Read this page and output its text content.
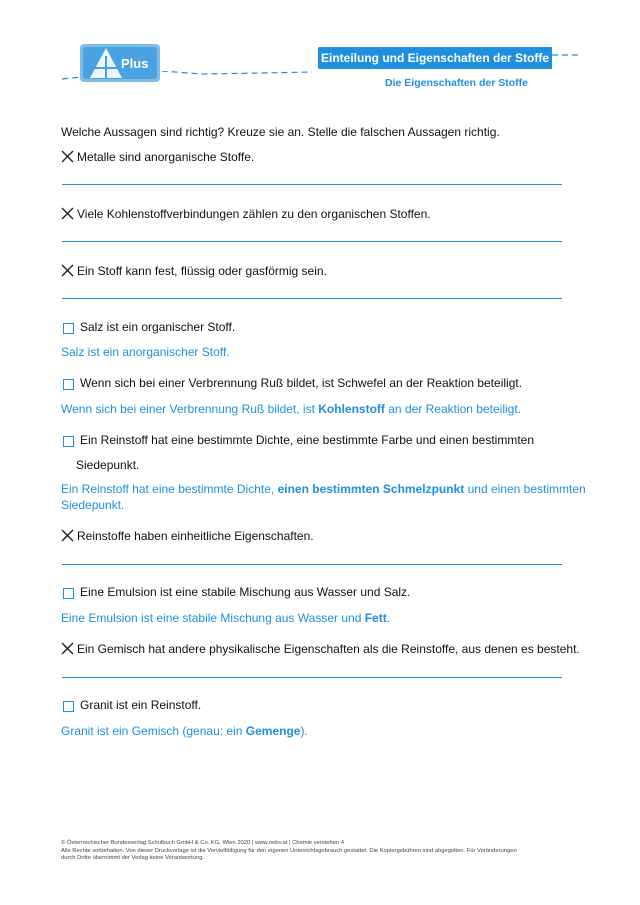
Plus	Einteilung und Eigenschaften der Stoffe
Die Eigenschaften der Stoffe
Welche Aussagen sind richtig? Kreuze sie an. Stelle die falschen Aussagen richtig.
Metalle sind anorganische Stoffe.
Viele Kohlenstoffverbindungen zählen zu den organischen Stoffen.
Ein Stoff kann fest, flüssig oder gasförmig sein.
Salz ist ein organischer Stoff.
Salz ist ein anorganischer Stoff.
Wenn sich bei einer Verbrennung Ruß bildet, ist Schwefel an der Reaktion beteiligt.
Wenn sich bei einer Verbrennung Ruß bildet, ist Kohlenstoff an der Reaktion beteiligt.
Ein Reinstoff hat eine bestimmte Dichte, eine bestimmte Farbe und einen bestimmten
Siedepunkt.
Ein Reinstoff hat eine bestimmte Dichte, einen bestimmten Schmelzpunkt und einen bestimmten Siedepunkt.
Reinstoffe haben einheitliche Eigenschaften.
Eine Emulsion ist eine stabile Mischung aus Wasser und Salz.
Eine Emulsion ist eine stabile Mischung aus Wasser und Fett.
Ein Gemisch hat andere physikalische Eigenschaften als die Reinstoffe, aus denen es besteht.
Granit ist ein Reinstoff.
Granit ist ein Gemisch (genau: ein Gemenge).
© Österreichischer Bundesverlag Schulbuch GmbH & Co. KG, Wien 2020 | www.oebv.at | Chemie verstehen 4
Alle Rechte vorbehalten. Von dieser Druckvorlage ist die Vervielfältigung für den eigenen Unterrichtsgebrauch gestattet. Die Kopiergebühren sind abgegolten. Für Veränderungen
durch Dritte übernimmt der Verlag keine Verantwortung.
